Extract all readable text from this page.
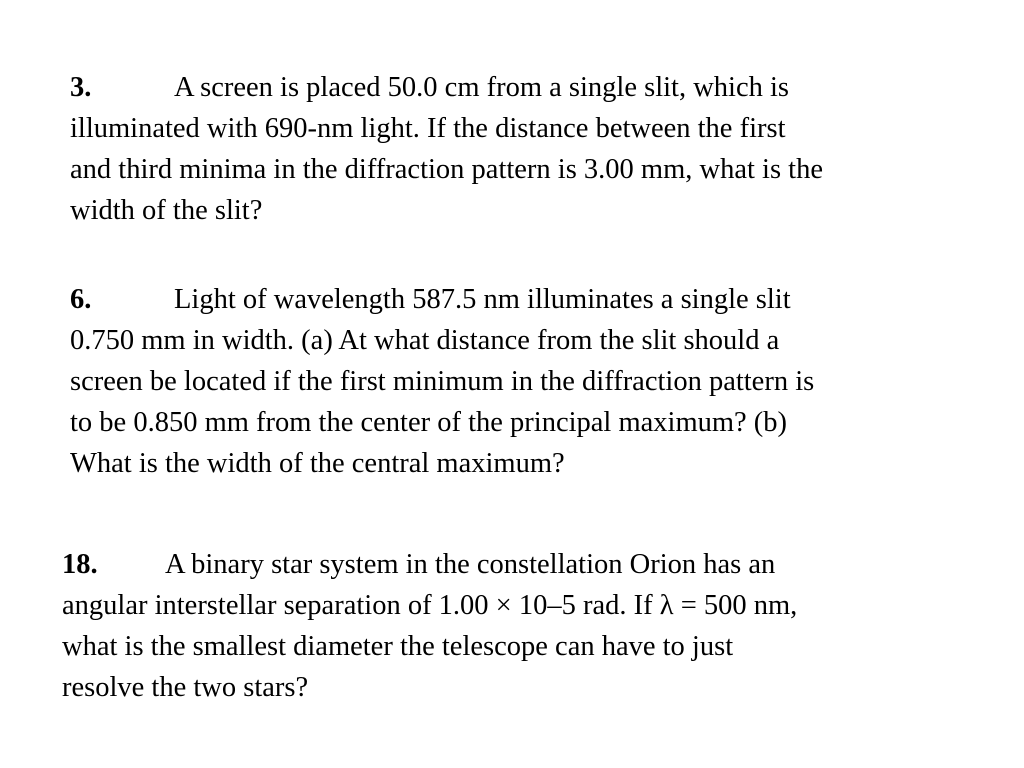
3.	A screen is placed 50.0 cm from a single slit, which is
illuminated with 690-nm light. If the distance between the first
and third minima in the diffraction pattern is 3.00 mm, what is the
width of the slit?
6.	Light of wavelength 587.5 nm illuminates a single slit
0.750 mm in width. (a) At what distance from the slit should a
screen be located if the first minimum in the diffraction pattern is
to be 0.850 mm from the center of the principal maximum? (b)
What is the width of the central maximum?
18. A binary star system in the constellation Orion has an
angular interstellar separation of 1.00 × 10–5 rad. If λ = 500 nm,
what is the smallest diameter the telescope can have to just
resolve the two stars?
